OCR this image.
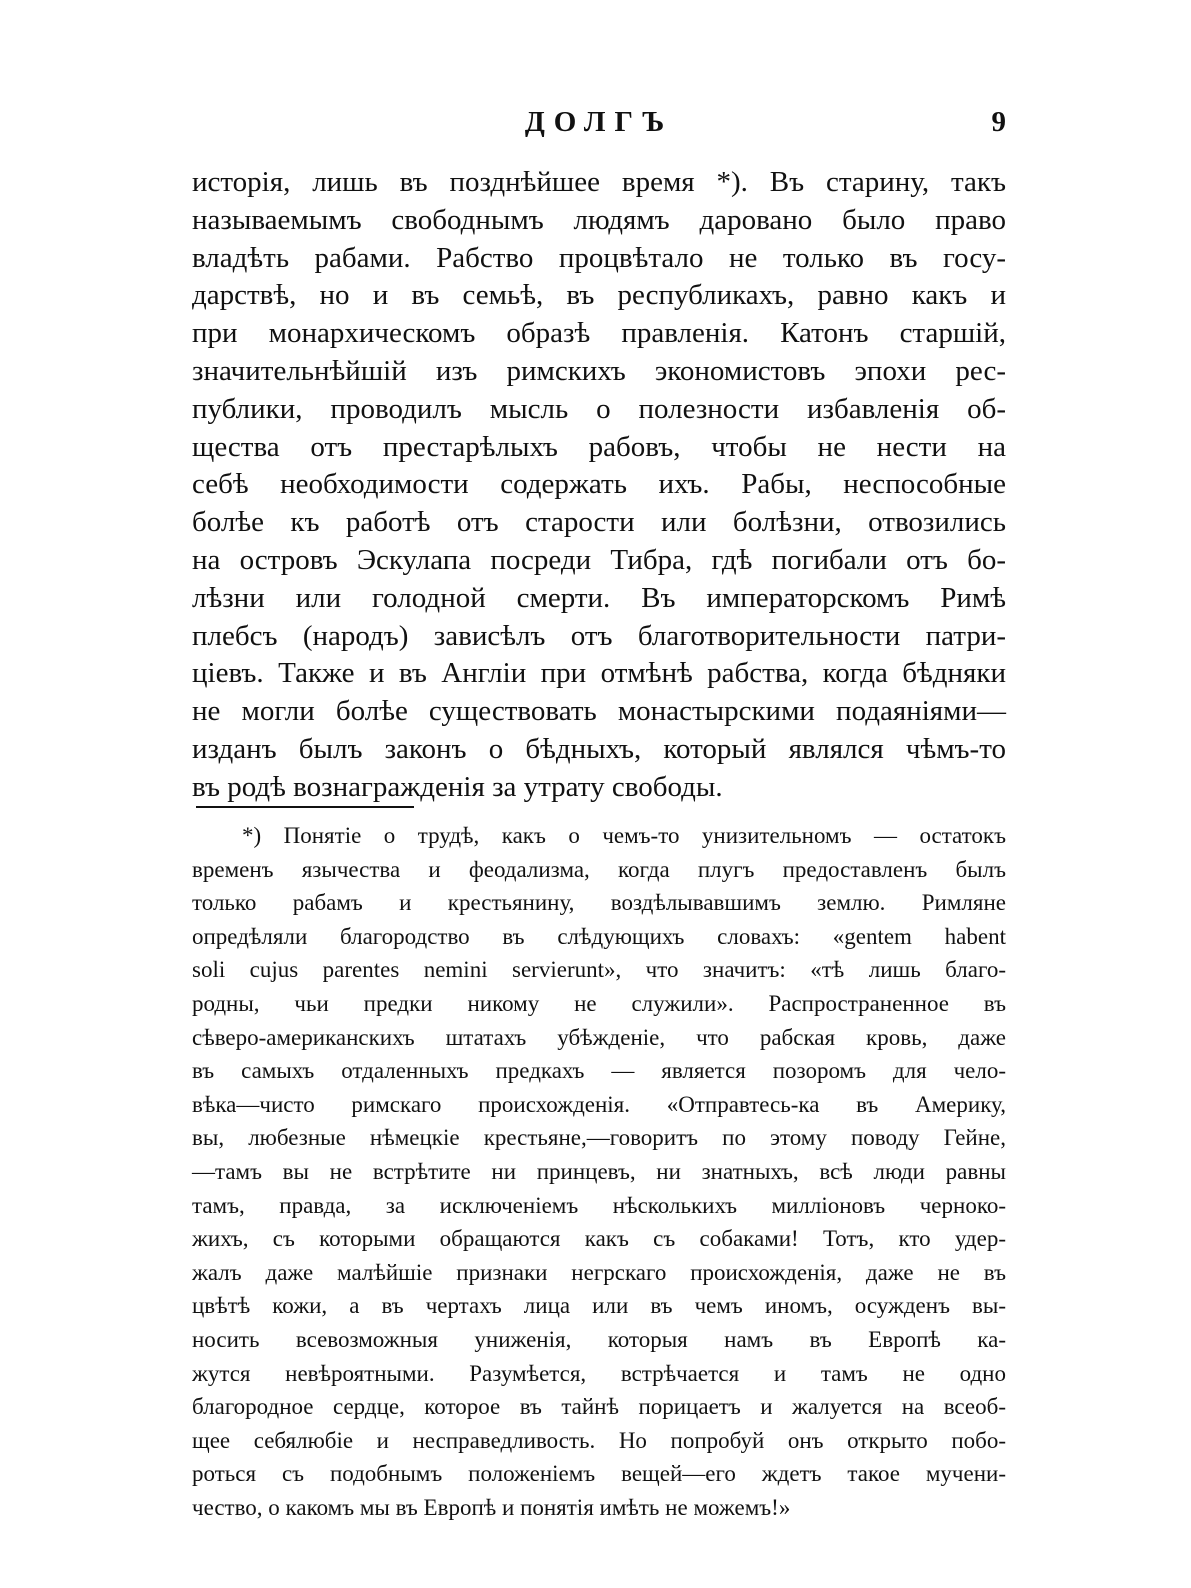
ДОЛГЪ	9
исторія, лишь въ позднѣйшее время *). Въ старину, такъ
называемымъ свободнымъ людямъ даровано было право
владѣть рабами. Рабство процвѣтало не только въ госу-
дарствѣ, но и въ семьѣ, въ республикахъ, равно какъ и
при монархическомъ образѣ правленія. Катонъ старшій,
значительнѣйшій изъ римскихъ экономистовъ эпохи рес-
публики, проводилъ мысль о полезности избавленія об-
щества отъ престарѣлыхъ рабовъ, чтобы не нести на
себѣ необходимости содержать ихъ. Рабы, неспособные
болѣе къ работѣ отъ старости или болѣзни, отвозились
на островъ Эскулапа посреди Тибра, гдѣ погибали отъ бо-
лѣзни или голодной смерти. Въ императорскомъ Римѣ
плебсъ (народъ) зависѣлъ отъ благотворительности патри-
ціевъ. Также и въ Англіи при отмѣнѣ рабства, когда бѣдняки
не могли болѣе существовать монастырскими подаяніями—
изданъ былъ законъ о бѣдныхъ, который являлся чѣмъ-то
въ родѣ вознагражденія за утрату свободы.
*) Понятіе о трудѣ, какъ о чемъ-то унизительномъ — остатокъ
временъ язычества и феодализма, когда плугъ предоставленъ былъ
только рабамъ и крестьянину, воздѣлывавшимъ землю. Римляне
опредѣляли благородство въ слѣдующихъ словахъ: «gentem habent
soli cujus parentes nemini servierunt», что значитъ: «тѣ лишь благо-
родны, чьи предки никому не служили». Распространенное въ
сѣверо-американскихъ штатахъ убѣжденіе, что рабская кровь, даже
въ самыхъ отдаленныхъ предкахъ — является позоромъ для чело-
вѣка—чисто римскаго происхожденія. «Отправтесь-ка въ Америку,
вы, любезные нѣмецкіе крестьяне,—говоритъ по этому поводу Гейне,
—тамъ вы не встрѣтите ни принцевъ, ни знатныхъ, всѣ люди равны
тамъ, правда, за исключеніемъ нѣсколькихъ милліоновъ черноко-
жихъ, съ которыми обращаются какъ съ собаками! Тотъ, кто удер-
жалъ даже малѣйшіе признаки негрскаго происхожденія, даже не въ
цвѣтѣ кожи, а въ чертахъ лица или въ чемъ иномъ, осужденъ вы-
носить всевозможныя униженія, которыя намъ въ Европѣ ка-
жутся невѣроятными. Разумѣется, встрѣчается и тамъ не одно
благородное сердце, которое въ тайнѣ порицаетъ и жалуется на всеоб-
щее себялюбіе и несправедливость. Но попробуй онъ открыто побо-
роться съ подобнымъ положеніемъ вещей—его ждетъ такое мучени-
чество, о какомъ мы въ Европѣ и понятія имѣть не можемъ!»
